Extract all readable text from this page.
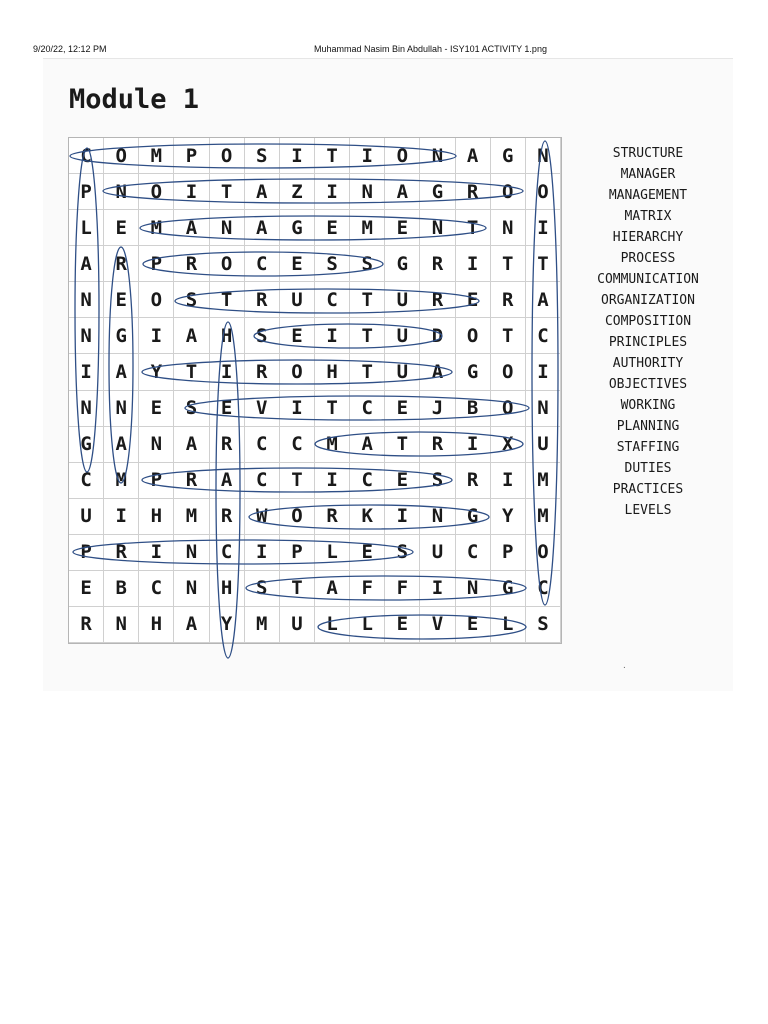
9/20/22, 12:12 PM	Muhammad Nasim Bin Abdullah - ISY101 ACTIVITY 1.png
Module 1
C	O	M	P	O	S	I	T	I	O	N	A	G	N
P	N	O	I	T	A	Z	I	N	A	G	R	O	O
L	E	M	A	N	A	G	E	M	E	N	T	N	I
A	R	P	R	O	C	E	S	S	G	R	I	T	T
N	E	O	S	T	R	U	C	T	U	R	E	R	A
N	G	I	A	H	S	E	I	T	U	D	O	T	C
I	A	Y	T	I	R	O	H	T	U	A	G	O	I
N	N	E	S	E	V	I	T	C	E	J	B	O	N
G	A	N	A	R	C	C	M	A	T	R	I	X	U
C	M	P	R	A	C	T	I	C	E	S	R	I	M
U	I	H	M	R	W	O	R	K	I	N	G	Y	M
P	R	I	N	C	I	P	L	E	S	U	C	P	O
E	B	C	N	H	S	T	A	F	F	I	N	G	C
R	N	H	A	Y	M	U	L	L	E	V	E	L	S
STRUCTURE
MANAGER
MANAGEMENT
MATRIX
HIERARCHY
PROCESS
COMMUNICATION
ORGANIZATION
COMPOSITION
PRINCIPLES
AUTHORITY
OBJECTIVES
WORKING
PLANNING
STAFFING
DUTIES
PRACTICES
LEVELS
.
